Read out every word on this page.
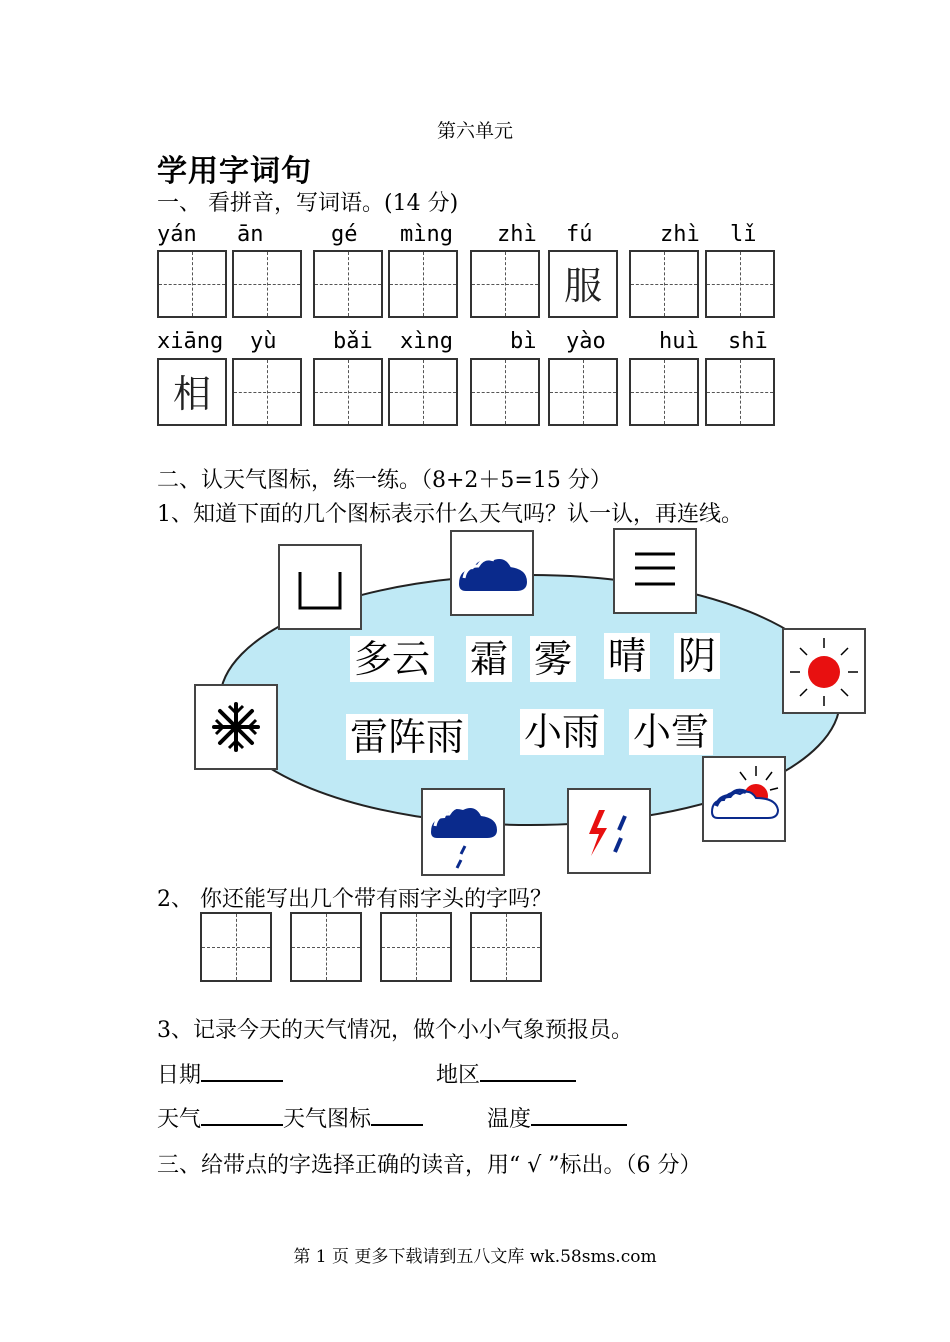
第六单元
学用字词句
一、 看拼音，写词语。(14 分)
yán ān	gé mìng zhì fú	zhì lǐ
服
xiāng yù	bǎi xìng	bì yào huì shī
相
二、认天气图标，练一练。（8+2＋5=15 分）
1、知道下面的几个图标表示什么天气吗？认一认，再连线。
多云 霜 雾 晴 阴
雷阵雨 小雨 小雪
2、 你还能写出几个带有雨字头的字吗？
3、记录今天的天气情况，做个小小气象预报员。
日期	地区
天气	天气图标	温度
三、给带点的字选择正确的读音，用“ √ ”标出。（6 分）
第 1 页 更多下载请到五八文库 wk.58sms.com
